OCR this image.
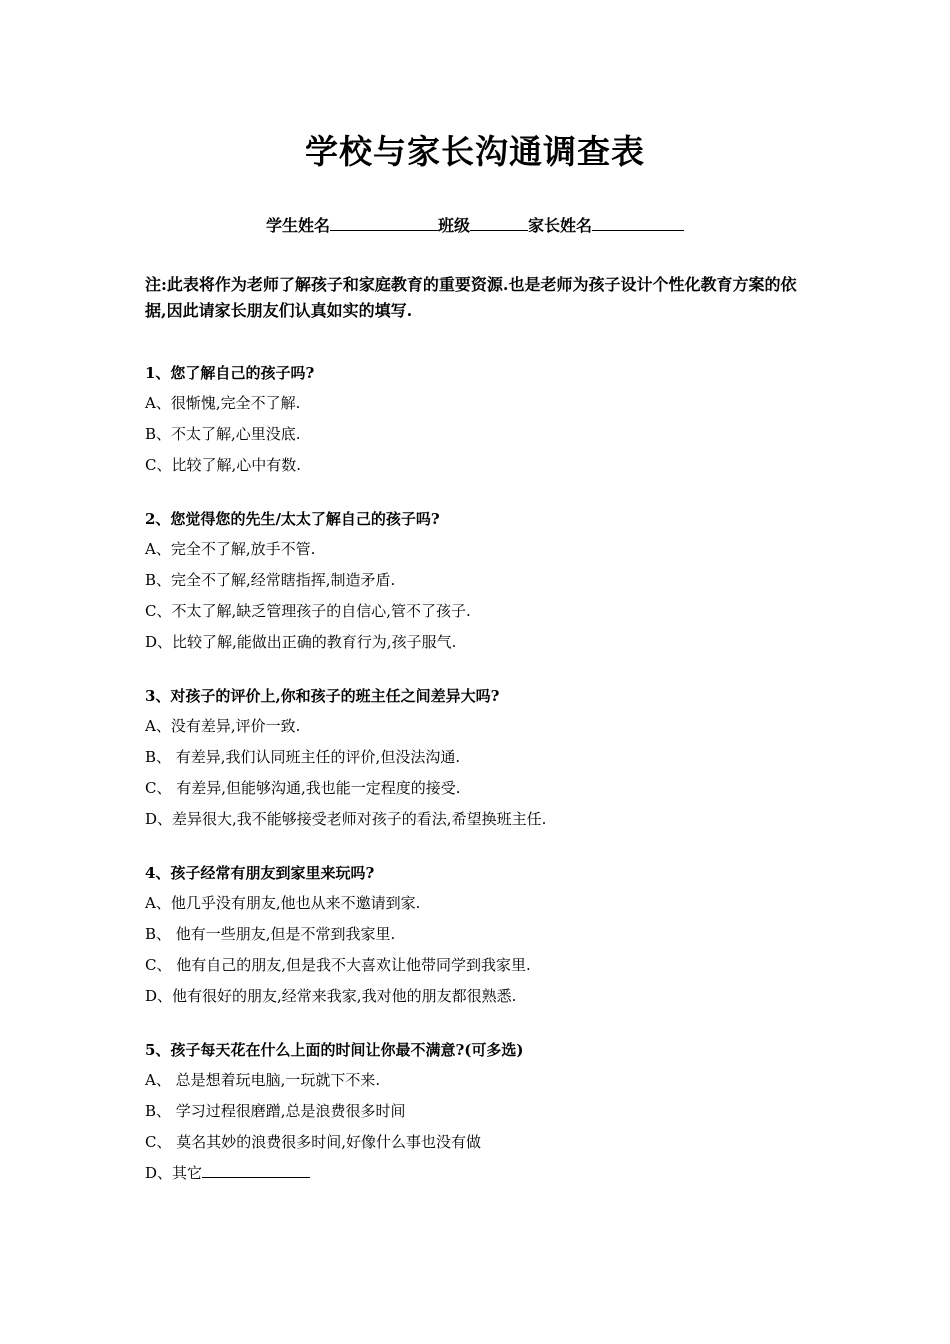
学校与家长沟通调查表
学生姓名	班级	家长姓名
注:此表将作为老师了解孩子和家庭教育的重要资源.也是老师为孩子设计个性化教育方案的依据,因此请家长朋友们认真如实的填写.
1、您了解自己的孩子吗?
A、很惭愧,完全不了解.
B、不太了解,心里没底.
C、比较了解,心中有数.
2、您觉得您的先生/太太了解自己的孩子吗?
A、完全不了解,放手不管.
B、完全不了解,经常瞎指挥,制造矛盾.
C、不太了解,缺乏管理孩子的自信心,管不了孩子.
D、比较了解,能做出正确的教育行为,孩子服气.
3、对孩子的评价上,你和孩子的班主任之间差异大吗?
A、没有差异,评价一致.
B、 有差异,我们认同班主任的评价,但没法沟通.
C、 有差异,但能够沟通,我也能一定程度的接受.
D、差异很大,我不能够接受老师对孩子的看法,希望换班主任.
4、孩子经常有朋友到家里来玩吗?
A、他几乎没有朋友,他也从来不邀请到家.
B、 他有一些朋友,但是不常到我家里.
C、 他有自己的朋友,但是我不大喜欢让他带同学到我家里.
D、他有很好的朋友,经常来我家,我对他的朋友都很熟悉.
5、孩子每天花在什么上面的时间让你最不满意?(可多选)
A、 总是想着玩电脑,一玩就下不来.
B、 学习过程很磨蹭,总是浪费很多时间
C、 莫名其妙的浪费很多时间,好像什么事也没有做
D、其它
